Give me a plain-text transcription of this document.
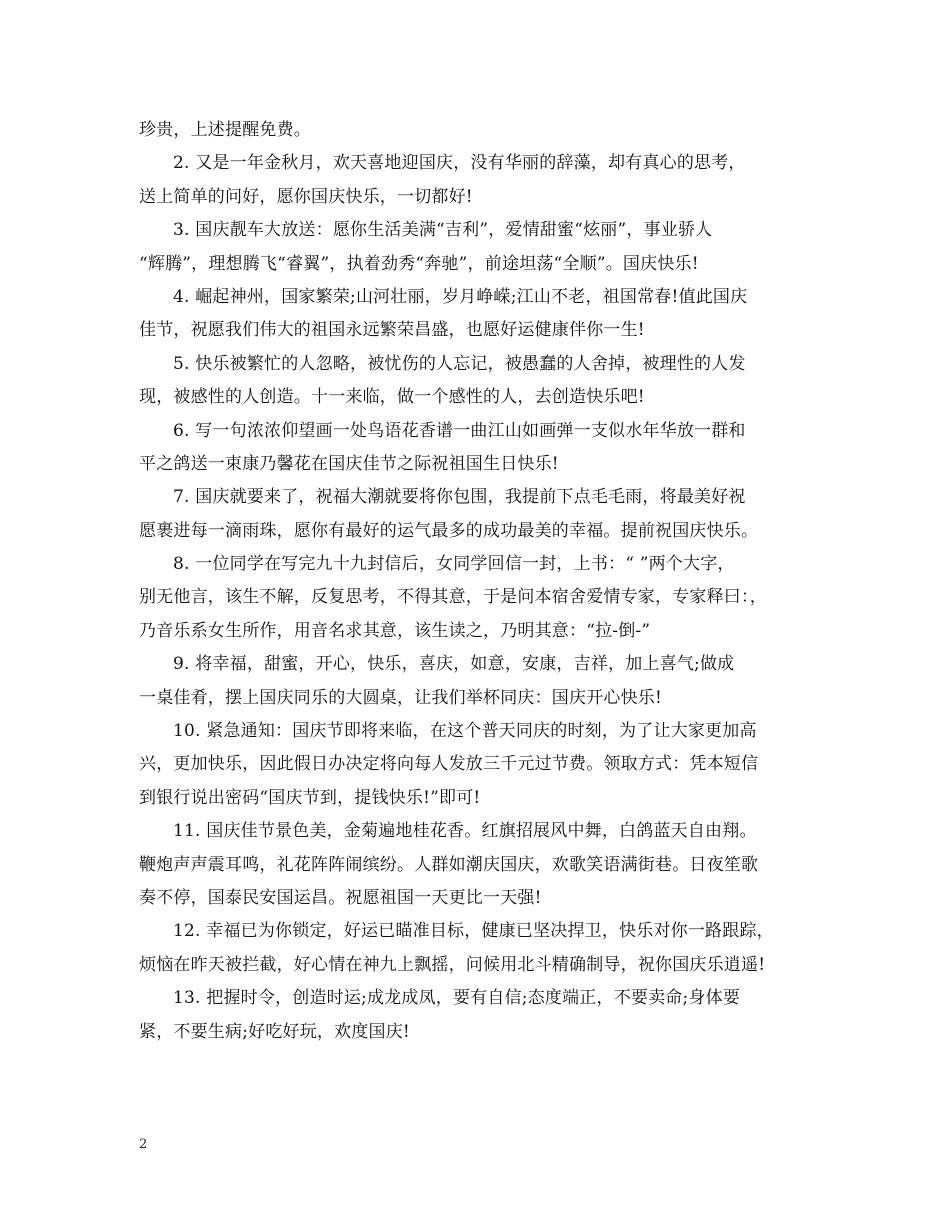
珍贵，上述提醒免费。
2. 又是一年金秋月，欢天喜地迎国庆，没有华丽的辞藻，却有真心的思考，
送上简单的问好，愿你国庆快乐，一切都好!
3. 国庆靓车大放送：愿你生活美满“吉利”，爱情甜蜜“炫丽”，事业骄人
“辉腾”，理想腾飞“睿翼”，执着劲秀“奔驰”，前途坦荡“全顺”。国庆快乐!
4. 崛起神州，国家繁荣;山河壮丽，岁月峥嵘;江山不老，祖国常春!值此国庆
佳节，祝愿我们伟大的祖国永远繁荣昌盛，也愿好运健康伴你一生!
5. 快乐被繁忙的人忽略，被忧伤的人忘记，被愚蠢的人舍掉，被理性的人发
现，被感性的人创造。十一来临，做一个感性的人，去创造快乐吧!
6. 写一句浓浓仰望画一处鸟语花香谱一曲江山如画弹一支似水年华放一群和
平之鸽送一束康乃馨花在国庆佳节之际祝祖国生日快乐!
7. 国庆就要来了，祝福大潮就要将你包围，我提前下点毛毛雨，将最美好祝
愿裹进每一滴雨珠，愿你有最好的运气最多的成功最美的幸福。提前祝国庆快乐。
8. 一位同学在写完九十九封信后，女同学回信一封，上书：“ ”两个大字，
别无他言，该生不解，反复思考，不得其意，于是问本宿舍爱情专家，专家释曰：，
乃音乐系女生所作，用音名求其意，该生读之，乃明其意：“拉-倒-”
9. 将幸福，甜蜜，开心，快乐，喜庆，如意，安康，吉祥，加上喜气;做成
一桌佳肴，摆上国庆同乐的大圆桌，让我们举杯同庆：国庆开心快乐!
10. 紧急通知：国庆节即将来临，在这个普天同庆的时刻，为了让大家更加高
兴，更加快乐，因此假日办决定将向每人发放三千元过节费。领取方式：凭本短信
到银行说出密码“国庆节到，提钱快乐!”即可!
11. 国庆佳节景色美，金菊遍地桂花香。红旗招展风中舞，白鸽蓝天自由翔。
鞭炮声声震耳鸣，礼花阵阵闹缤纷。人群如潮庆国庆，欢歌笑语满街巷。日夜笙歌
奏不停，国泰民安国运昌。祝愿祖国一天更比一天强!
12. 幸福已为你锁定，好运已瞄准目标，健康已坚决捍卫，快乐对你一路跟踪，
烦恼在昨天被拦截，好心情在神九上飘摇，问候用北斗精确制导，祝你国庆乐逍遥!
13. 把握时令，创造时运;成龙成凤，要有自信;态度端正，不要卖命;身体要
紧，不要生病;好吃好玩，欢度国庆!
2
